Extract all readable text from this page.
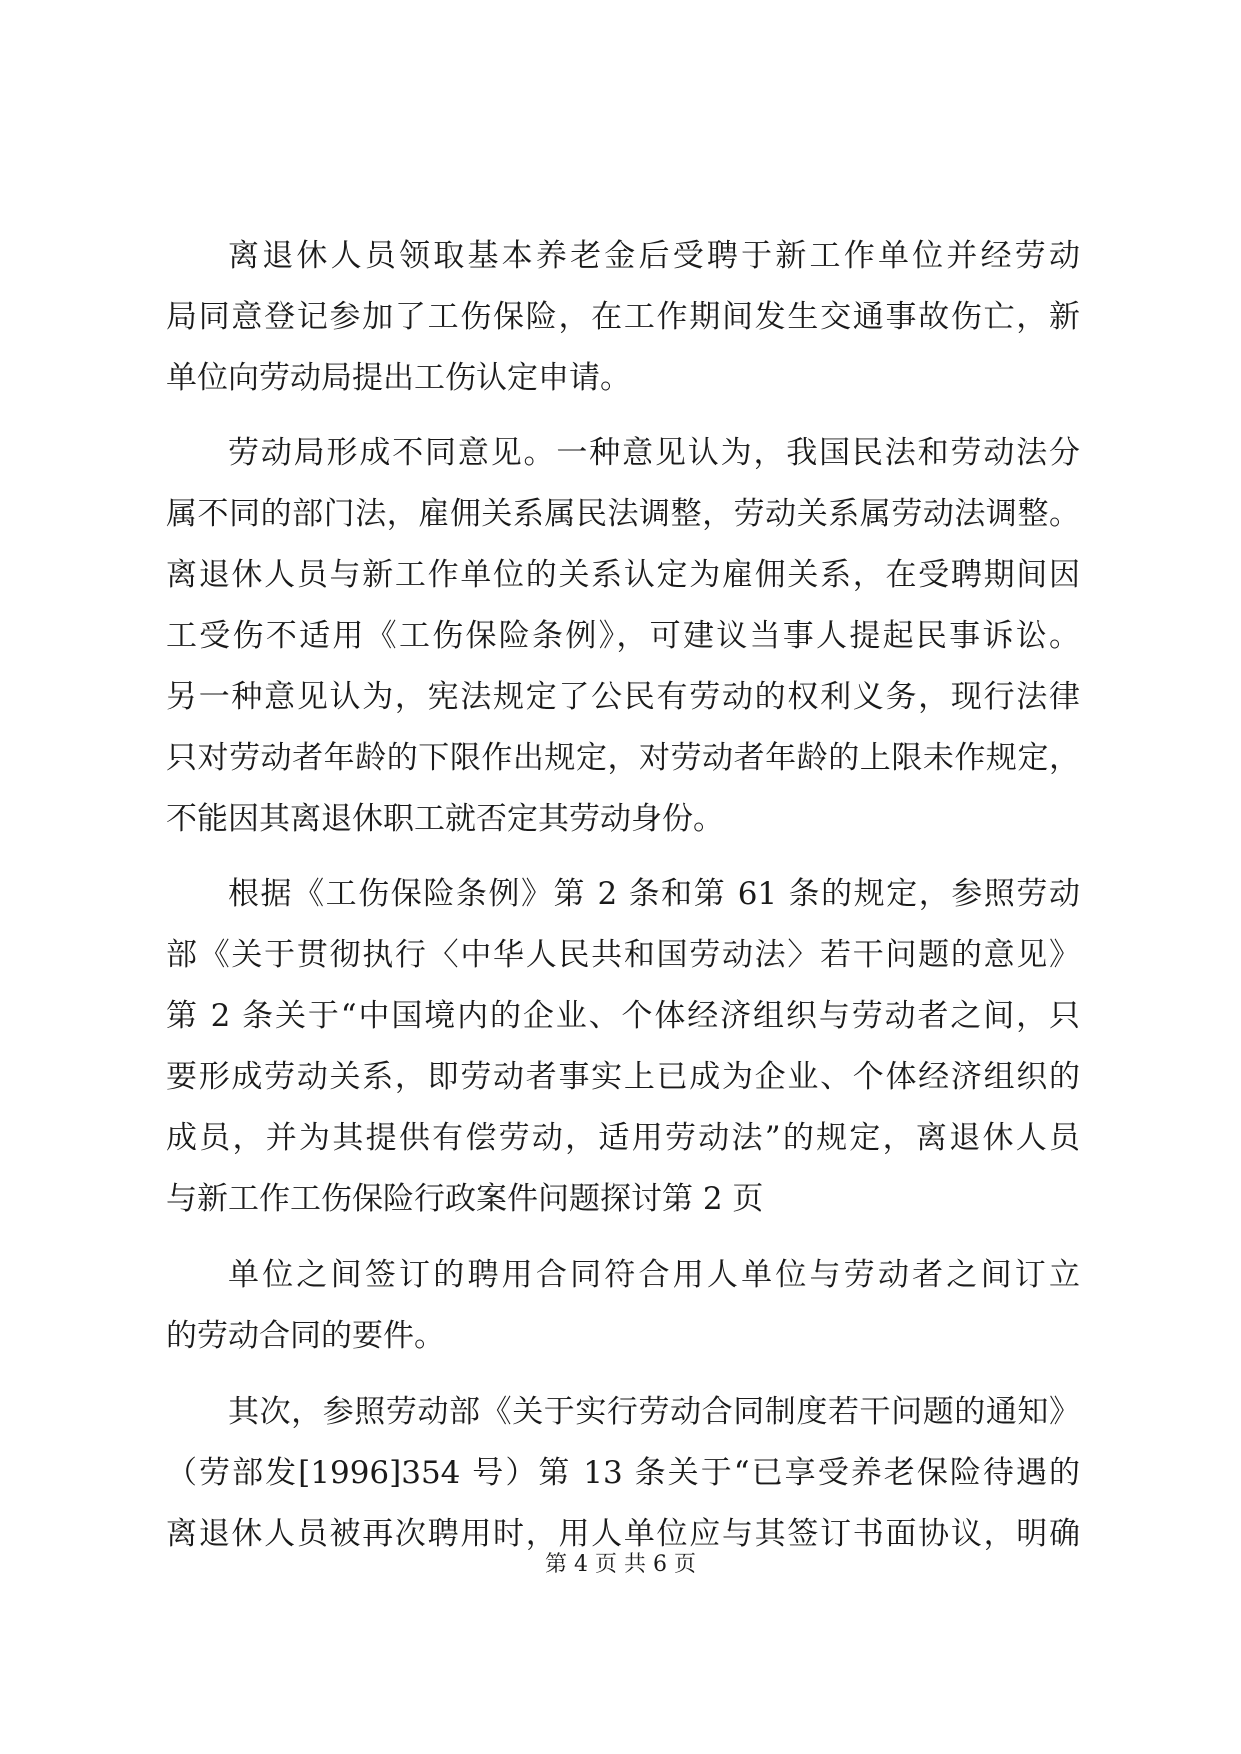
离退休人员领取基本养老金后受聘于新工作单位并经劳动
局同意登记参加了工伤保险，在工作期间发生交通事故伤亡，新
单位向劳动局提出工伤认定申请。
劳动局形成不同意见。一种意见认为，我国民法和劳动法分
属不同的部门法，雇佣关系属民法调整，劳动关系属劳动法调整。
离退休人员与新工作单位的关系认定为雇佣关系，在受聘期间因
工受伤不适用《工伤保险条例》，可建议当事人提起民事诉讼。
另一种意见认为，宪法规定了公民有劳动的权利义务，现行法律
只对劳动者年龄的下限作出规定，对劳动者年龄的上限未作规定，
不能因其离退休职工就否定其劳动身份。
根据《工伤保险条例》第 2 条和第 61 条的规定，参照劳动
部《关于贯彻执行〈中华人民共和国劳动法〉若干问题的意见》
第 2 条关于“中国境内的企业、个体经济组织与劳动者之间，只
要形成劳动关系，即劳动者事实上已成为企业、个体经济组织的
成员，并为其提供有偿劳动，适用劳动法”的规定，离退休人员
与新工作工伤保险行政案件问题探讨第 2 页
单位之间签订的聘用合同符合用人单位与劳动者之间订立
的劳动合同的要件。
其次，参照劳动部《关于实行劳动合同制度若干问题的通知》
（劳部发[1996]354 号）第 13 条关于“已享受养老保险待遇的
离退休人员被再次聘用时，用人单位应与其签订书面协议，明确
第 4 页 共 6 页
